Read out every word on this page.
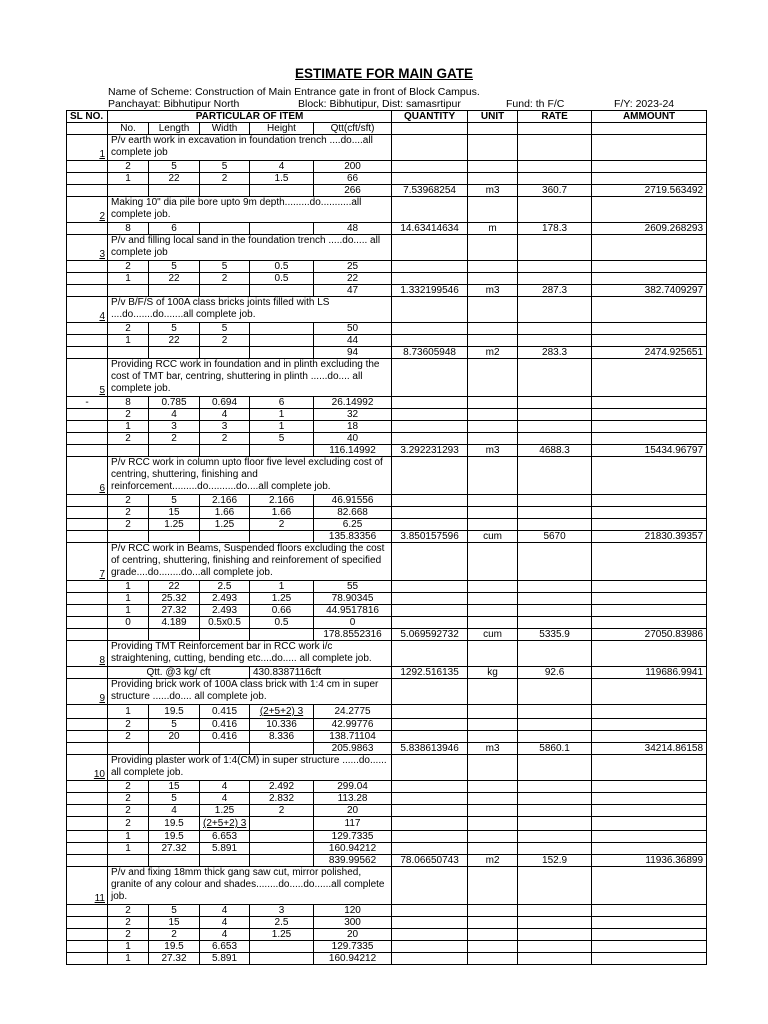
ESTIMATE FOR MAIN GATE
Name of Scheme: Construction of Main Entrance gate in front of Block Campus.
Panchayat: Bibhutipur North	Block: Bibhutipur, Dist: samasrtipur	Fund: th F/C	F/Y: 2023-24
SL NO.	PARTICULAR OF ITEM					QUANTITY	UNIT	RATE	AMMOUNT
	No.	Length	Width	Height	Qtt(cft/sft)				
1	P/v earth work in excavation in foundation trench ....do....all complete job								
	2	5	5	4	200				
	1	22	2	1.5	66				
					266	7.53968254	m3	360.7	2719.563492
2	Making 10" dia pile bore upto 9m depth.........do...........all complete job.								
	8	6			48	14.63414634	m	178.3	2609.268293
3	P/v and filling local sand in the foundation trench .....do..... all complete job								
	2	5	5	0.5	25				
	1	22	2	0.5	22				
					47	1.332199546	m3	287.3	382.7409297
4	P/v B/F/S of 100A class bricks joints filled with LS ....do.......do.......all complete job.								
	2	5	5		50				
	1	22	2		44				
					94	8.73605948	m2	283.3	2474.925651
5	Providing RCC work in foundation and in plinth excluding the cost of TMT bar, centring, shuttering in plinth ......do.... all complete job.								
-	8	0.785	0.694	6	26.14992				
	2	4	4	1	32				
	1	3	3	1	18				
	2	2	2	5	40				
					116.14992	3.292231293	m3	4688.3	15434.96797
6	P/v RCC work in column upto floor five level excluding cost of centring, shuttering, finishing and reinforcement.........do..........do....all complete job.								
	2	5	2.166	2.166	46.91556				
	2	15	1.66	1.66	82.668				
	2	1.25	1.25	2	6.25				
					135.83356	3.850157596	cum	5670	21830.39357
7	P/v RCC work in Beams, Suspended floors excluding the cost of centring, shuttering, finishing and reinforement of specified grade....do........do...all complete job.								
	1	22	2.5	1	55				
	1	25.32	2.493	1.25	78.90345				
	1	27.32	2.493	0.66	44.9517816				
	0	4.189	0.5x0.5	0.5	0				
					178.8552316	5.069592732	cum	5335.9	27050.83986
8	Providing TMT Reinforcement bar in RCC work i/c straightening, cutting, bending etc....do..... all complete job.								
	Qtt. @3 kg/ cft			430.8387116cft		1292.516135	kg	92.6	119686.9941
9	Providing brick work of 100A class brick with 1:4 cm in super structure ......do.... all complete job.								
	1	19.5	0.415	(2+5+2) 3	24.2775				
	2	5	0.416	10.336	42.99776				
	2	20	0.416	8.336	138.71104				
					205.9863	5.838613946	m3	5860.1	34214.86158
10	Providing plaster work of 1:4(CM) in super structure ......do...... all complete job.								
	2	15	4	2.492	299.04				
	2	5	4	2.832	113.28				
	2	4	1.25	2	20				
	2	19.5	(2+5+2) 3		117				
	1	19.5	6.653		129.7335				
	1	27.32	5.891		160.94212				
					839.99562	78.06650743	m2	152.9	11936.36899
11	P/v and fixing 18mm thick gang saw cut, mirror polished, granite of any colour and shades........do.....do......all complete job.								
	2	5	4	3	120				
	2	15	4	2.5	300				
	2	2	4	1.25	20				
	1	19.5	6.653		129.7335				
	1	27.32	5.891		160.94212				
